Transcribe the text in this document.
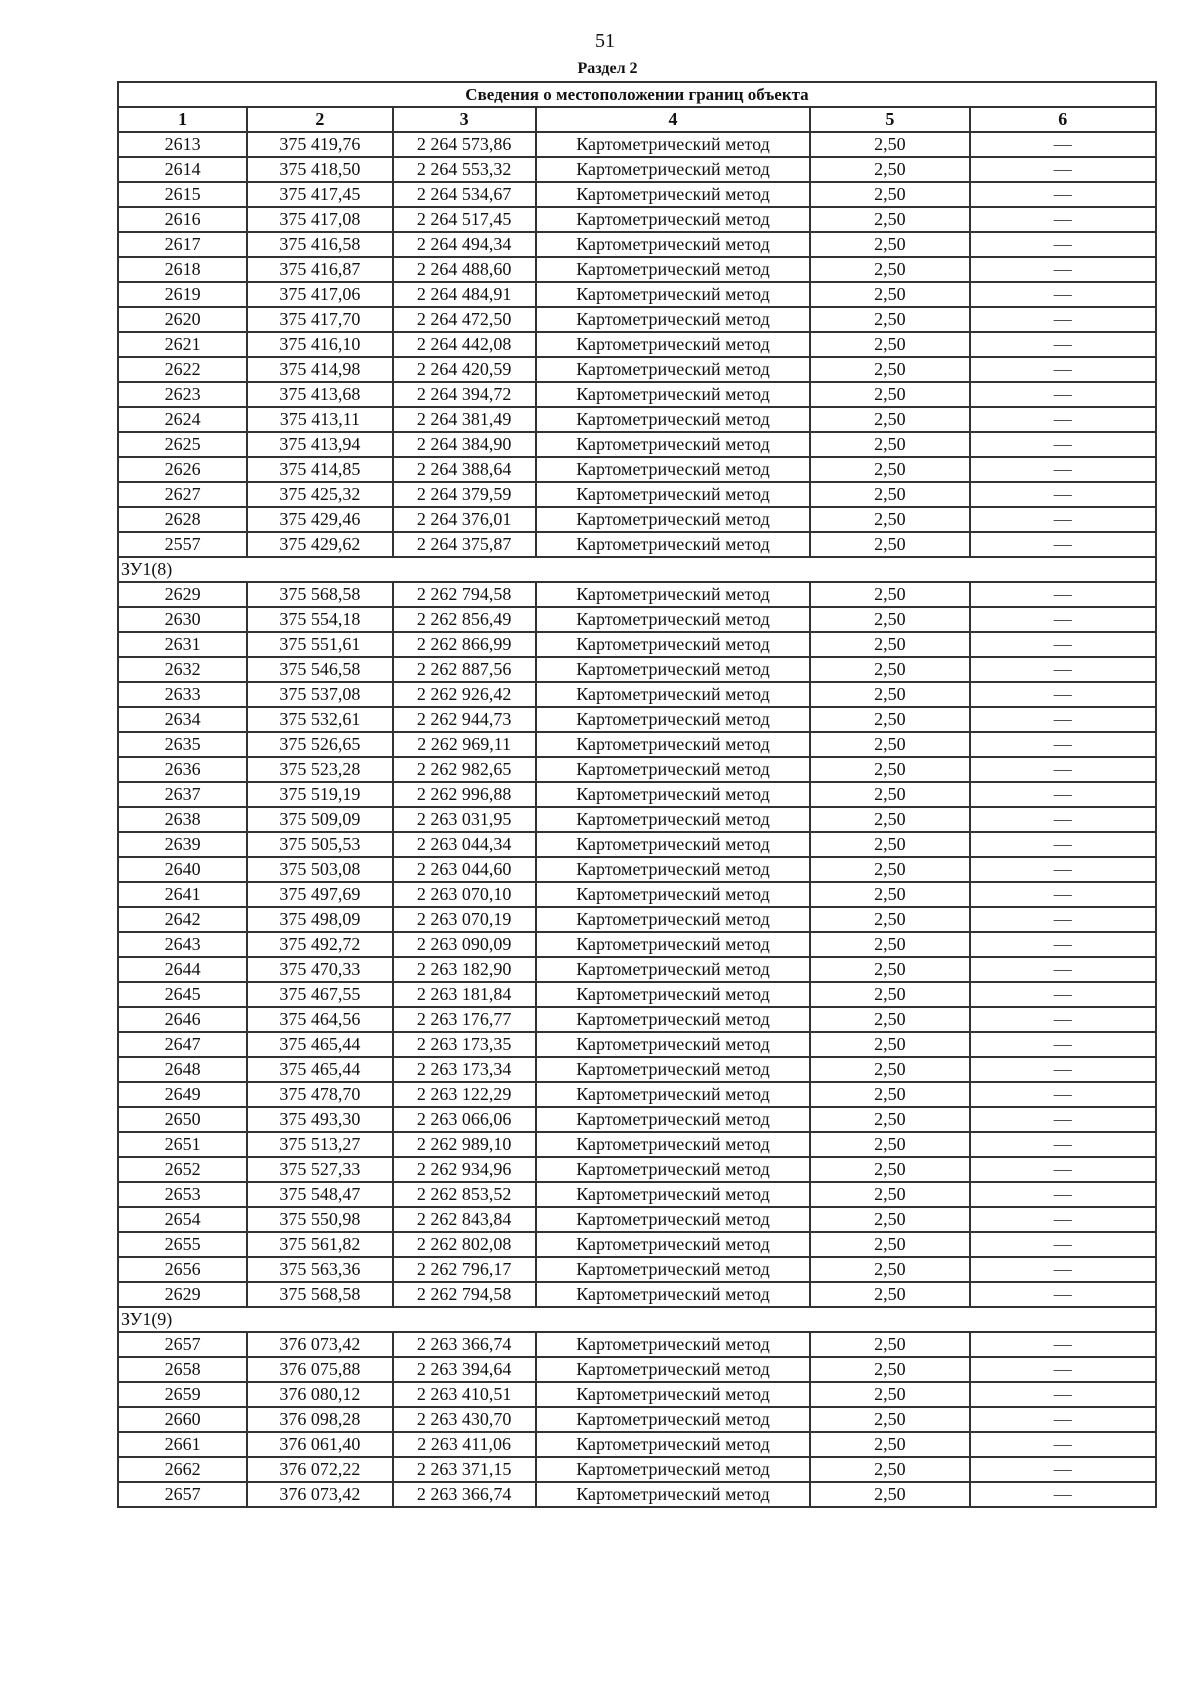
51
Раздел 2
Сведения о местоположении границ объекта					
1	2	3	4	5	6
2613	375 419,76	2 264 573,86	Картометрический метод	2,50	—
2614	375 418,50	2 264 553,32	Картометрический метод	2,50	—
2615	375 417,45	2 264 534,67	Картометрический метод	2,50	—
2616	375 417,08	2 264 517,45	Картометрический метод	2,50	—
2617	375 416,58	2 264 494,34	Картометрический метод	2,50	—
2618	375 416,87	2 264 488,60	Картометрический метод	2,50	—
2619	375 417,06	2 264 484,91	Картометрический метод	2,50	—
2620	375 417,70	2 264 472,50	Картометрический метод	2,50	—
2621	375 416,10	2 264 442,08	Картометрический метод	2,50	—
2622	375 414,98	2 264 420,59	Картометрический метод	2,50	—
2623	375 413,68	2 264 394,72	Картометрический метод	2,50	—
2624	375 413,11	2 264 381,49	Картометрический метод	2,50	—
2625	375 413,94	2 264 384,90	Картометрический метод	2,50	—
2626	375 414,85	2 264 388,64	Картометрический метод	2,50	—
2627	375 425,32	2 264 379,59	Картометрический метод	2,50	—
2628	375 429,46	2 264 376,01	Картометрический метод	2,50	—
2557	375 429,62	2 264 375,87	Картометрический метод	2,50	—
ЗУ1(8)					
2629	375 568,58	2 262 794,58	Картометрический метод	2,50	—
2630	375 554,18	2 262 856,49	Картометрический метод	2,50	—
2631	375 551,61	2 262 866,99	Картометрический метод	2,50	—
2632	375 546,58	2 262 887,56	Картометрический метод	2,50	—
2633	375 537,08	2 262 926,42	Картометрический метод	2,50	—
2634	375 532,61	2 262 944,73	Картометрический метод	2,50	—
2635	375 526,65	2 262 969,11	Картометрический метод	2,50	—
2636	375 523,28	2 262 982,65	Картометрический метод	2,50	—
2637	375 519,19	2 262 996,88	Картометрический метод	2,50	—
2638	375 509,09	2 263 031,95	Картометрический метод	2,50	—
2639	375 505,53	2 263 044,34	Картометрический метод	2,50	—
2640	375 503,08	2 263 044,60	Картометрический метод	2,50	—
2641	375 497,69	2 263 070,10	Картометрический метод	2,50	—
2642	375 498,09	2 263 070,19	Картометрический метод	2,50	—
2643	375 492,72	2 263 090,09	Картометрический метод	2,50	—
2644	375 470,33	2 263 182,90	Картометрический метод	2,50	—
2645	375 467,55	2 263 181,84	Картометрический метод	2,50	—
2646	375 464,56	2 263 176,77	Картометрический метод	2,50	—
2647	375 465,44	2 263 173,35	Картометрический метод	2,50	—
2648	375 465,44	2 263 173,34	Картометрический метод	2,50	—
2649	375 478,70	2 263 122,29	Картометрический метод	2,50	—
2650	375 493,30	2 263 066,06	Картометрический метод	2,50	—
2651	375 513,27	2 262 989,10	Картометрический метод	2,50	—
2652	375 527,33	2 262 934,96	Картометрический метод	2,50	—
2653	375 548,47	2 262 853,52	Картометрический метод	2,50	—
2654	375 550,98	2 262 843,84	Картометрический метод	2,50	—
2655	375 561,82	2 262 802,08	Картометрический метод	2,50	—
2656	375 563,36	2 262 796,17	Картометрический метод	2,50	—
2629	375 568,58	2 262 794,58	Картометрический метод	2,50	—
ЗУ1(9)					
2657	376 073,42	2 263 366,74	Картометрический метод	2,50	—
2658	376 075,88	2 263 394,64	Картометрический метод	2,50	—
2659	376 080,12	2 263 410,51	Картометрический метод	2,50	—
2660	376 098,28	2 263 430,70	Картометрический метод	2,50	—
2661	376 061,40	2 263 411,06	Картометрический метод	2,50	—
2662	376 072,22	2 263 371,15	Картометрический метод	2,50	—
2657	376 073,42	2 263 366,74	Картометрический метод	2,50	—
